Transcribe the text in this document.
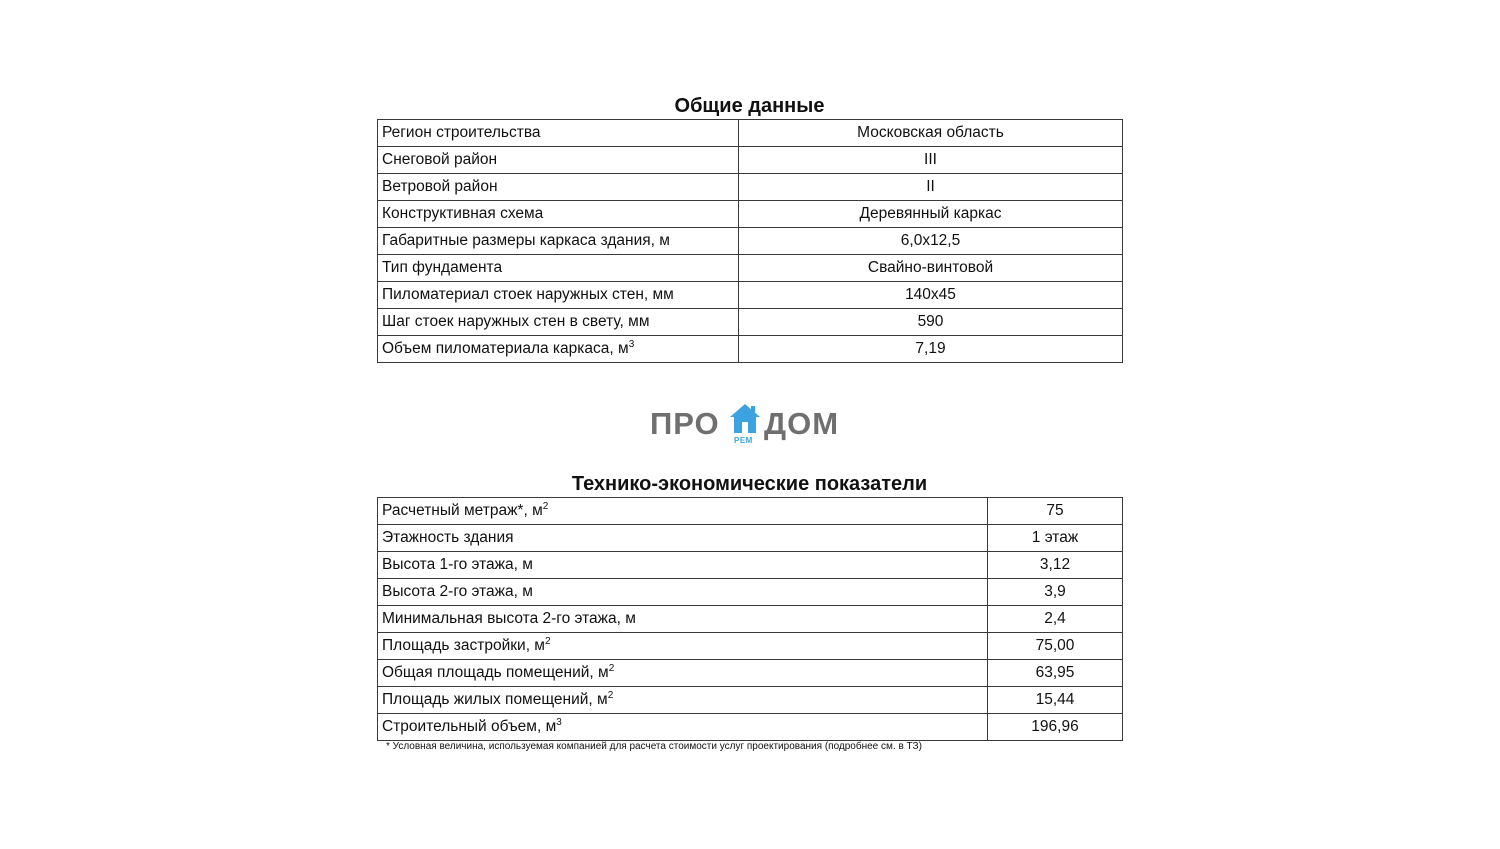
Общие данные
Регион строительства	Московская область
Снеговой район	III
Ветровой район	II
Конструктивная схема	Деревянный каркас
Габаритные размеры каркаса здания, м	6,0x12,5
Тип фундамента	Свайно-винтовой
Пиломатериал стоек наружных стен, мм	140x45
Шаг стоек наружных стен в свету, мм	590
Объем пиломатериала каркаса, $м^3$	7,19
ПРО РЕМ ДОМ
Технико-экономические показатели
Расчетный метраж*, $м^2$	75
Этажность здания	1 этаж
Высота 1-го этажа, м	3,12
Высота 2-го этажа, м	3,9
Минимальная высота 2-го этажа, м	2,4
Площадь застройки, $м^2$	75,00
Общая площадь помещений, $м^2$	63,95
Площадь жилых помещений, $м^2$	15,44
Строительный объем, $м^3$	196,96
* Условная величина, используемая компанией для расчета стоимости услуг проектирования (подробнее см. в ТЗ)
